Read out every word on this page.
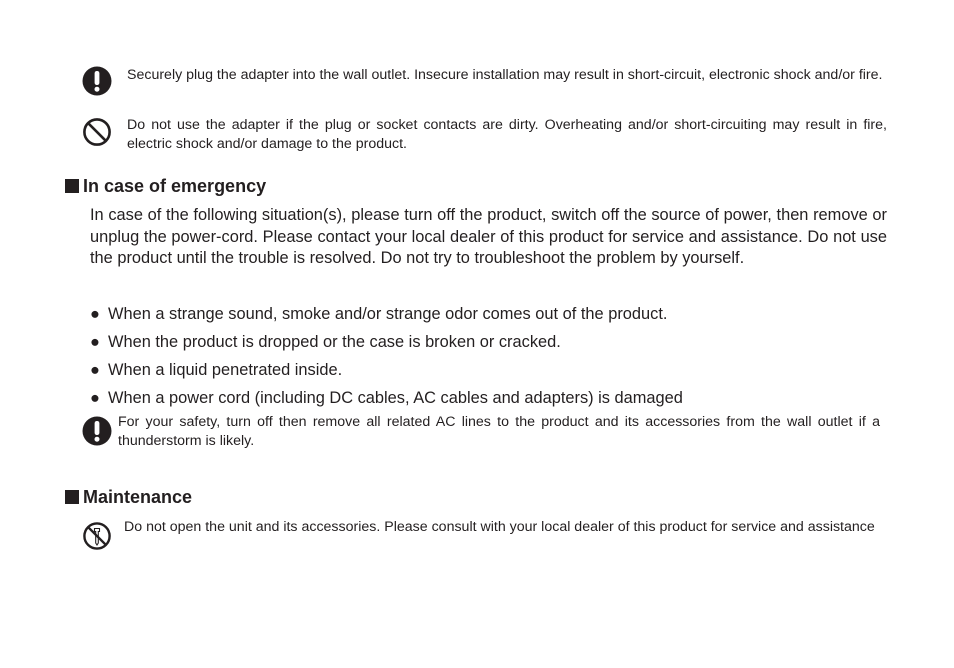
Securely plug the adapter into the wall outlet. Insecure installation may result in short-circuit, electronic shock and/or fire.
Do not use the adapter if the plug or socket contacts are dirty. Overheating and/or short-circuiting may result in fire, electric shock and/or damage to the product.
In case of emergency
In case of the following situation(s), please turn off the product, switch off the source of power, then remove or unplug the power-cord. Please contact your local dealer of this product for service and assistance. Do not use the product until the trouble is resolved. Do not try to troubleshoot the problem by yourself.
● When a strange sound, smoke and/or strange odor comes out of the product.
● When the product is dropped or the case is broken or cracked.
● When a liquid penetrated inside.
● When a power cord (including DC cables, AC cables and adapters) is damaged
For your safety, turn off then remove all related AC lines to the product and its accessories from the wall outlet if a thunderstorm is likely.
Maintenance
Do not open the unit and its accessories. Please consult with your local dealer of this product for service and assistance
